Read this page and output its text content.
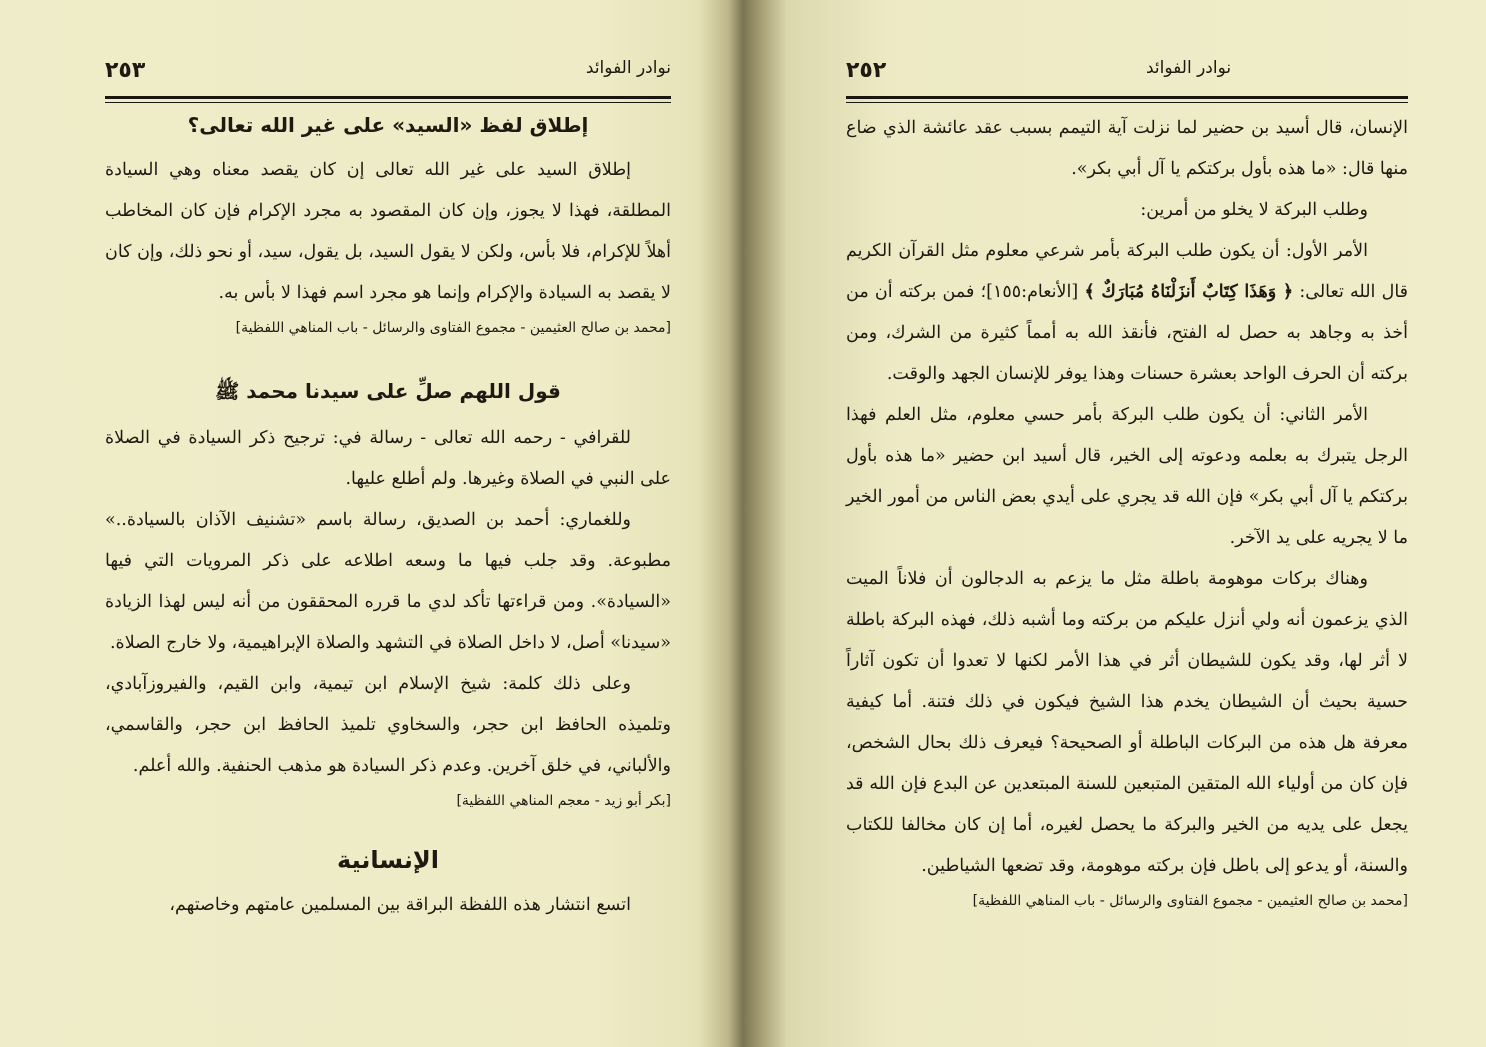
٢٥٣	نوادر الفوائد

إطلاق لفظ «السيد» على غير الله تعالى؟

إطلاق السيد على غير الله تعالى إن كان يقصد معناه وهي السيادة المطلقة، فهذا لا يجوز، وإن كان المقصود به مجرد الإكرام فإن كان المخاطب أهلاً للإكرام، فلا بأس، ولكن لا يقول السيد، بل يقول، سيد، أو نحو ذلك، وإن كان لا يقصد به السيادة والإكرام وإنما هو مجرد اسم فهذا لا بأس به.

[محمد بن صالح العثيمين - مجموع الفتاوى والرسائل - باب المناهي اللفظية]

قول اللهم صلِّ على سيدنا محمد ﷺ

للقرافي - رحمه الله تعالى - رسالة في: ترجيح ذكر السيادة في الصلاة على النبي في الصلاة وغيرها. ولم أطلع عليها.

وللغماري: أحمد بن الصديق، رسالة باسم «تشنيف الآذان بالسيادة..» مطبوعة. وقد جلب فيها ما وسعه اطلاعه على ذكر المرويات التي فيها «السيادة». ومن قراءتها تأكد لدي ما قرره المحققون من أنه ليس لهذا الزيادة «سيدنا» أصل، لا داخل الصلاة في التشهد والصلاة الإبراهيمية، ولا خارج الصلاة.

وعلى ذلك كلمة: شيخ الإسلام ابن تيمية، وابن القيم، والفيروزآبادي، وتلميذه الحافظ ابن حجر، والسخاوي تلميذ الحافظ ابن حجر، والقاسمي، والألباني، في خلق آخرين. وعدم ذكر السيادة هو مذهب الحنفية. والله أعلم.

[بكر أبو زيد - معجم المناهي اللفظية]

الإنسانية

اتسع انتشار هذه اللفظة البراقة بين المسلمين عامتهم وخاصتهم،

٢٥٢	نوادر الفوائد

الإنسان، قال أسيد بن حضير لما نزلت آية التيمم بسبب عقد عائشة الذي ضاع منها قال: «ما هذه بأول بركتكم يا آل أبي بكر».

وطلب البركة لا يخلو من أمرين:

الأمر الأول: أن يكون طلب البركة بأمر شرعي معلوم مثل القرآن الكريم قال الله تعالى: ﴿ وَهَذَا كِتَابٌ أَنزَلْنَاهُ مُبَارَكٌ ﴾ [الأنعام:١٥٥]؛ فمن بركته أن من أخذ به وجاهد به حصل له الفتح، فأنقذ الله به أمماً كثيرة من الشرك، ومن بركته أن الحرف الواحد بعشرة حسنات وهذا يوفر للإنسان الجهد والوقت.

الأمر الثاني: أن يكون طلب البركة بأمر حسي معلوم، مثل العلم فهذا الرجل يتبرك به بعلمه ودعوته إلى الخير، قال أسيد ابن حضير «ما هذه بأول بركتكم يا آل أبي بكر» فإن الله قد يجري على أيدي بعض الناس من أمور الخير ما لا يجريه على يد الآخر.

وهناك بركات موهومة باطلة مثل ما يزعم به الدجالون أن فلاناً الميت الذي يزعمون أنه ولي أنزل عليكم من بركته وما أشبه ذلك، فهذه البركة باطلة لا أثر لها، وقد يكون للشيطان أثر في هذا الأمر لكنها لا تعدوا أن تكون آثاراً حسية بحيث أن الشيطان يخدم هذا الشيخ فيكون في ذلك فتنة. أما كيفية معرفة هل هذه من البركات الباطلة أو الصحيحة؟ فيعرف ذلك بحال الشخص، فإن كان من أولياء الله المتقين المتبعين للسنة المبتعدين عن البدع فإن الله قد يجعل على يديه من الخير والبركة ما يحصل لغيره، أما إن كان مخالفا للكتاب والسنة، أو يدعو إلى باطل فإن بركته موهومة، وقد تضعها الشياطين.

[محمد بن صالح العثيمين - مجموع الفتاوى والرسائل - باب المناهي اللفظية]
